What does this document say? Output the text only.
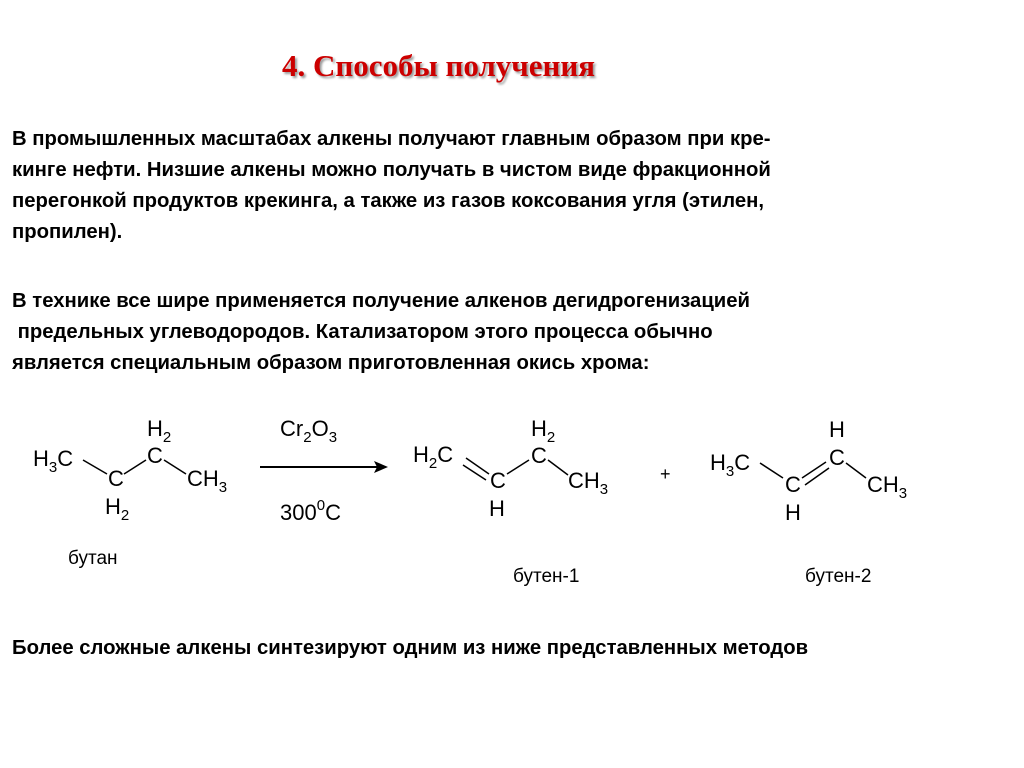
4. Способы получения
В промышленных масштабах алкены получают главным образом при кре-
кинге нефти. Низшие алкены можно получать в чистом виде фракционной
перегонкой продуктов крекинга, а также из газов коксования угля (этилен,
пропилен).
В технике все шире применяется получение алкенов дегидрогенизацией
предельных углеводородов. Катализатором этого процесса обычно
является специальным образом приготовленная окись хрома:
$H_3C$
$H_2$
C
C
$H_2$
$CH_3$
бутан
$Cr_2O_3$
$300^0C$
$H_2C$
$H_2$
C
C
H
$CH_3$
бутен-1
+ $H_3C$
H
C
C
H
$CH_3$
бутен-2
Более сложные алкены синтезируют одним из ниже представленных методов
